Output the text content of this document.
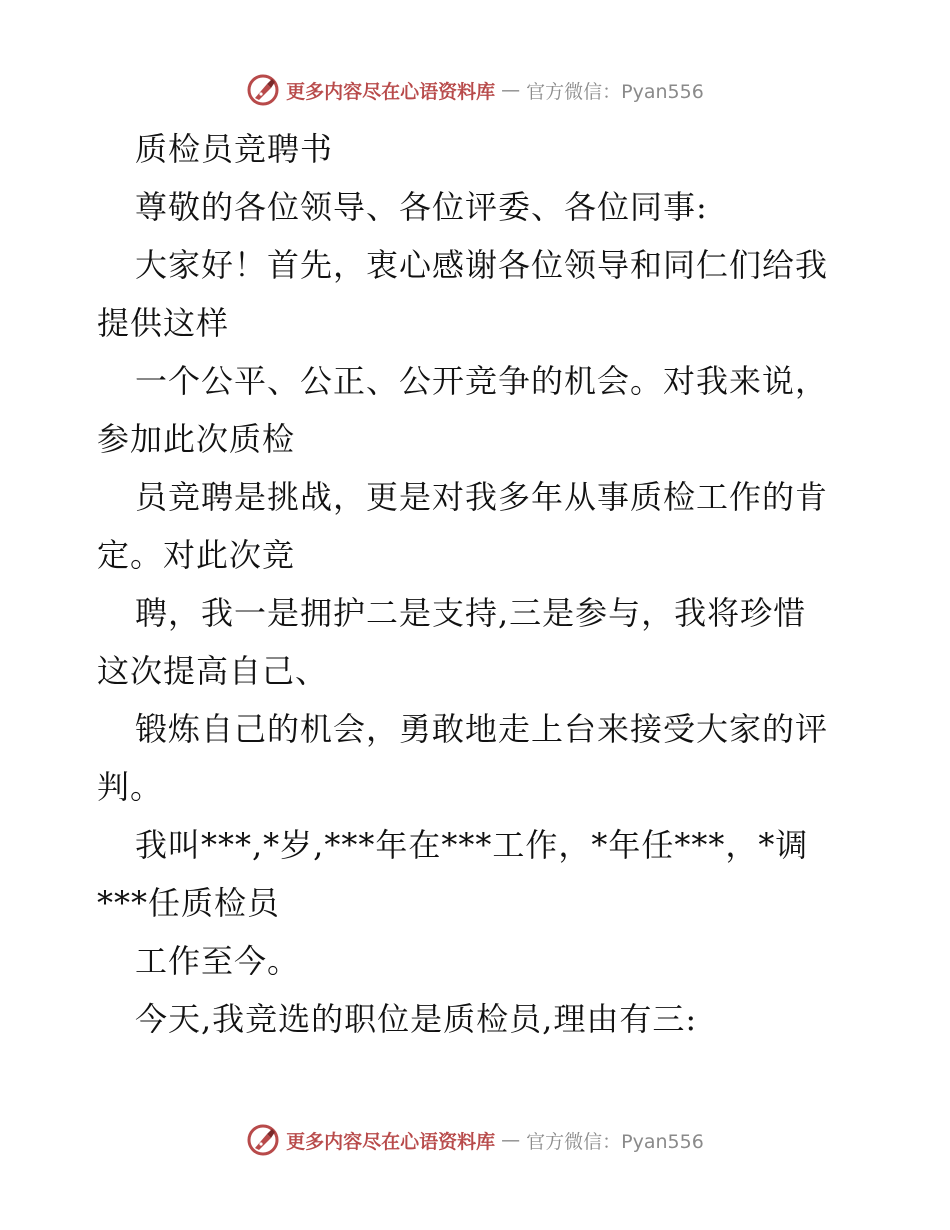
更多内容尽在心语资料库 — 官方微信：Pyan556
质检员竞聘书
尊敬的各位领导、各位评委、各位同事:
大家好！首先，衷心感谢各位领导和同仁们给我
提供这样
一个公平、公正、公开竞争的机会。对我来说，
参加此次质检
员竞聘是挑战，更是对我多年从事质检工作的肯
定。对此次竞
聘，我一是拥护二是支持,三是参与，我将珍惜
这次提高自己、
锻炼自己的机会，勇敢地走上台来接受大家的评
判。
我叫***,*岁,***年在***工作，*年任***，*调
***任质检员
工作至今。
今天,我竞选的职位是质检员,理由有三:
更多内容尽在心语资料库 — 官方微信：Pyan556
